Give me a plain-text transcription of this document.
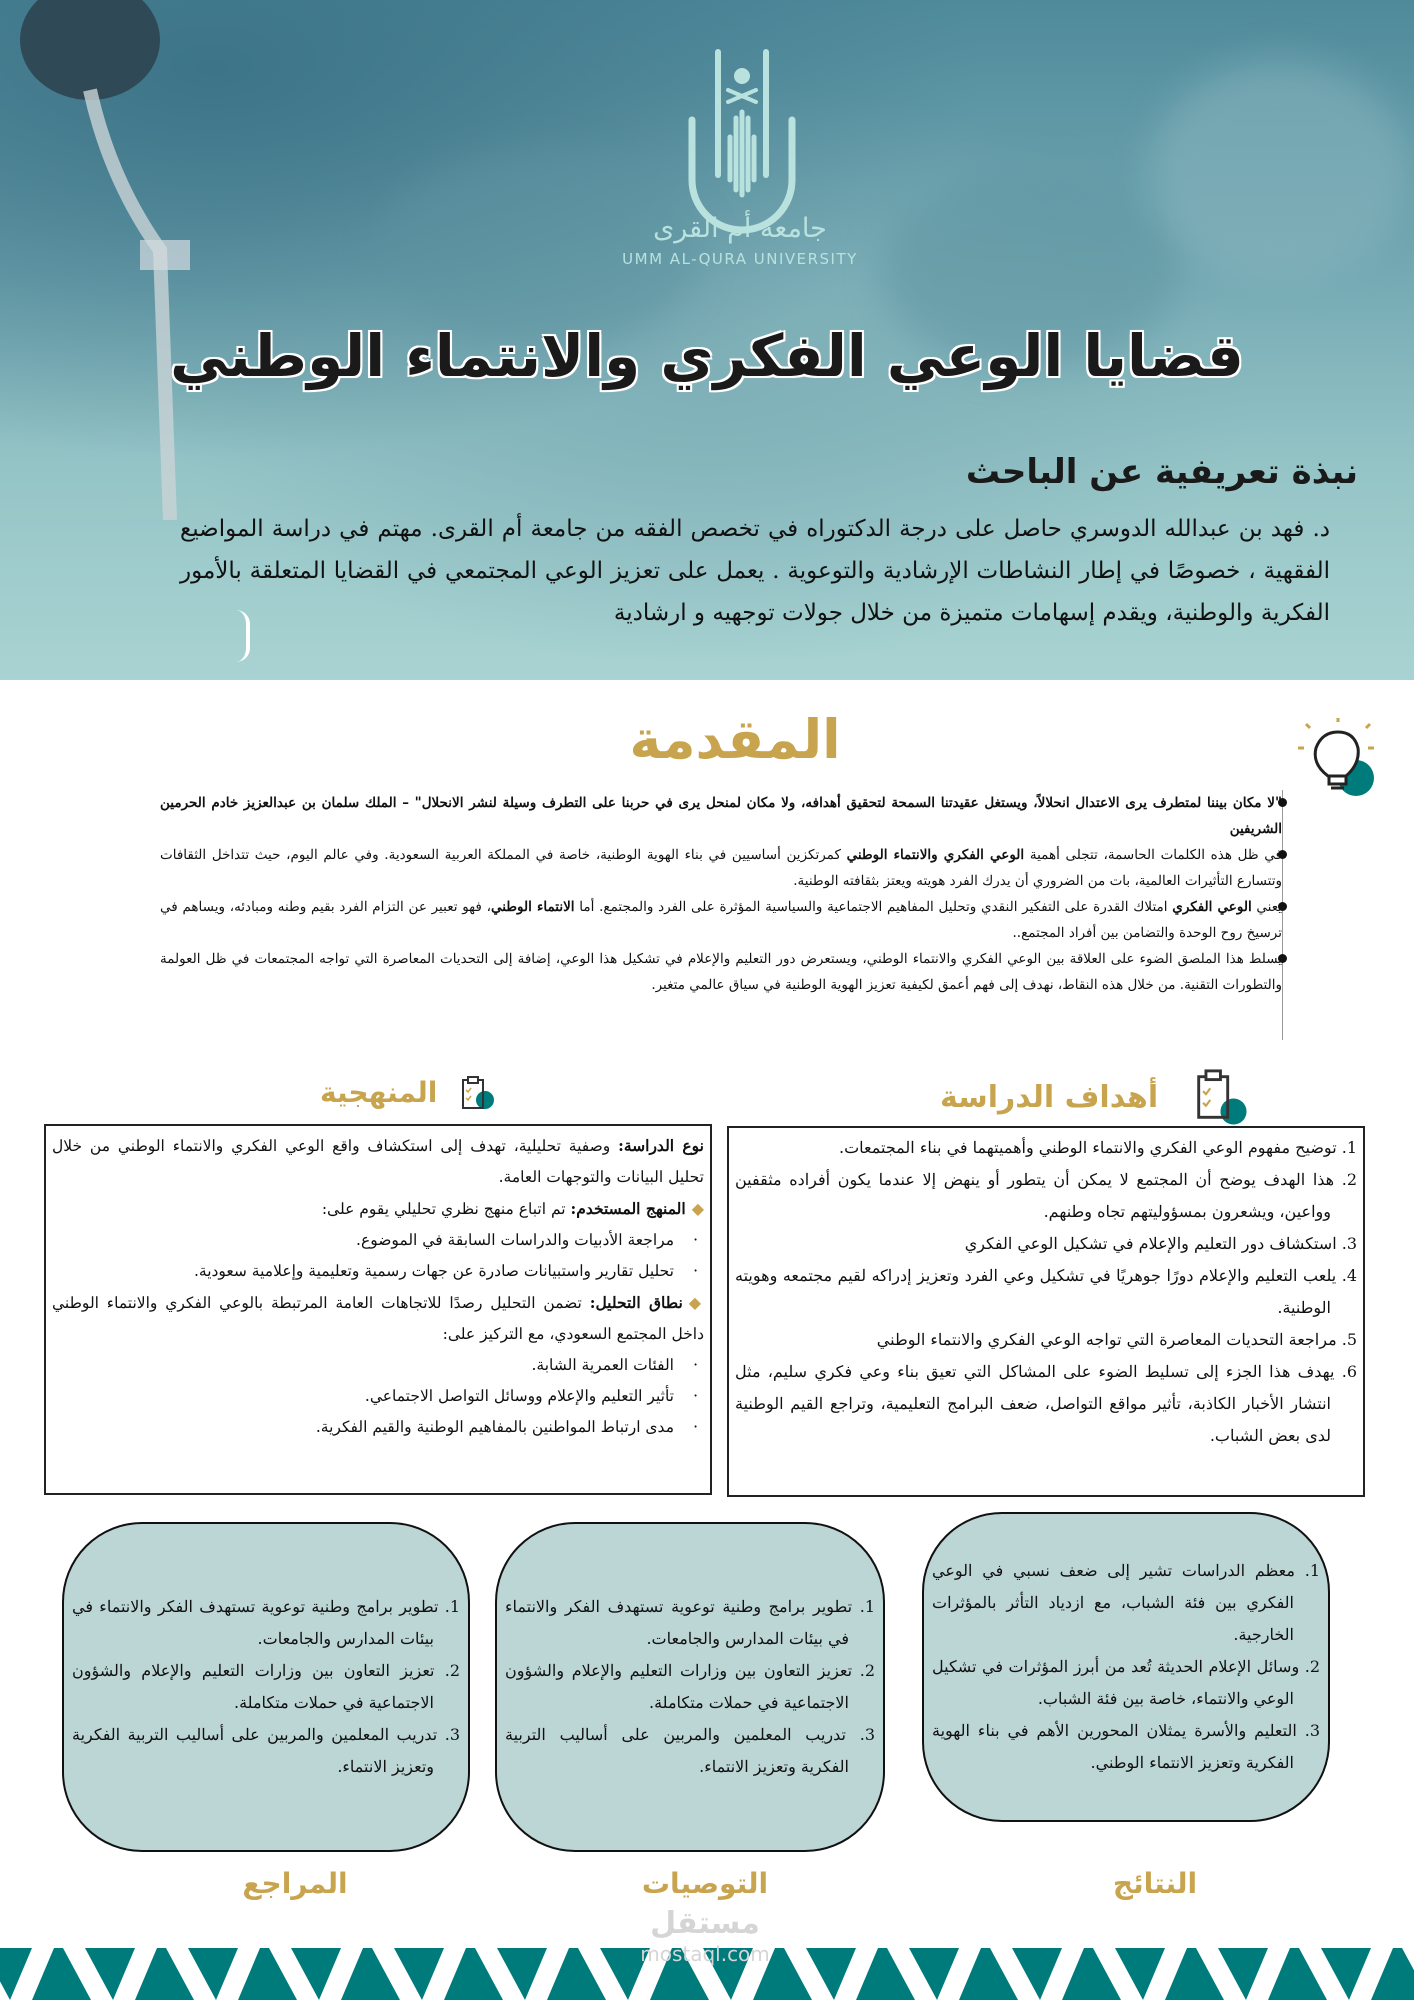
جامعة أم القرى
UMM AL-QURA UNIVERSITY
قضايا الوعي الفكري والانتماء الوطني
نبذة تعريفية عن الباحث
د. فهد بن عبدالله الدوسري حاصل على درجة الدكتوراه في تخصص الفقه من جامعة أم القرى. مهتم في دراسة المواضيع الفقهية ، خصوصًا في إطار النشاطات الإرشادية والتوعوية . يعمل على تعزيز الوعي المجتمعي في القضايا المتعلقة بالأمور الفكرية والوطنية، ويقدم إسهامات متميزة من خلال جولات توجهيه و ارشادية
المقدمة

"لا مكان بيننا لمتطرف يرى الاعتدال انحلالاً، ويستغل عقيدتنا السمحة لتحقيق أهدافه، ولا مكان لمنحل يرى في حربنا على التطرف وسيلة لنشر الانحلال" – الملك سلمان بن عبدالعزيز خادم الحرمين الشريفين

في ظل هذه الكلمات الحاسمة، تتجلى أهمية الوعي الفكري والانتماء الوطني كمرتكزين أساسيين في بناء الهوية الوطنية، خاصة في المملكة العربية السعودية. وفي عالم اليوم، حيث تتداخل الثقافات وتتسارع التأثيرات العالمية، بات من الضروري أن يدرك الفرد هويته ويعتز بثقافته الوطنية.

يعني الوعي الفكري امتلاك القدرة على التفكير النقدي وتحليل المفاهيم الاجتماعية والسياسية المؤثرة على الفرد والمجتمع. أما الانتماء الوطني، فهو تعبير عن التزام الفرد بقيم وطنه ومبادئه، ويساهم في ترسيخ روح الوحدة والتضامن بين أفراد المجتمع..

يسلط هذا الملصق الضوء على العلاقة بين الوعي الفكري والانتماء الوطني، ويستعرض دور التعليم والإعلام في تشكيل هذا الوعي، إضافة إلى التحديات المعاصرة التي تواجه المجتمعات في ظل العولمة والتطورات التقنية. من خلال هذه النقاط، نهدف إلى فهم أعمق لكيفية تعزيز الهوية الوطنية في سياق عالمي متغير.

المنهجية	أهداف الدراسة
1. توضيح مفهوم الوعي الفكري والانتماء الوطني وأهميتهما في بناء المجتمعات.
2. هذا الهدف يوضح أن المجتمع لا يمكن أن يتطور أو ينهض إلا عندما يكون أفراده مثقفين وواعين، ويشعرون بمسؤوليتهم تجاه وطنهم.
3. استكشاف دور التعليم والإعلام في تشكيل الوعي الفكري
4. يلعب التعليم والإعلام دورًا جوهريًا في تشكيل وعي الفرد وتعزيز إدراكه لقيم مجتمعه وهويته الوطنية.
5. مراجعة التحديات المعاصرة التي تواجه الوعي الفكري والانتماء الوطني
6. يهدف هذا الجزء إلى تسليط الضوء على المشاكل التي تعيق بناء وعي فكري سليم، مثل انتشار الأخبار الكاذبة، تأثير مواقع التواصل، ضعف البرامج التعليمية، وتراجع القيم الوطنية لدى بعض الشباب.
نوع الدراسة: وصفية تحليلية، تهدف إلى استكشاف واقع الوعي الفكري والانتماء الوطني من خلال تحليل البيانات والتوجهات العامة.
◆المنهج المستخدم: تم اتباع منهج نظري تحليلي يقوم على:
· مراجعة الأدبيات والدراسات السابقة في الموضوع.
· تحليل تقارير واستبيانات صادرة عن جهات رسمية وتعليمية وإعلامية سعودية.
◆نطاق التحليل: تضمن التحليل رصدًا للاتجاهات العامة المرتبطة بالوعي الفكري والانتماء الوطني داخل المجتمع السعودي، مع التركيز على:
· الفئات العمرية الشابة.
· تأثير التعليم والإعلام ووسائل التواصل الاجتماعي.
· مدى ارتباط المواطنين بالمفاهيم الوطنية والقيم الفكرية.
1. معظم الدراسات تشير إلى ضعف نسبي في الوعي الفكري بين فئة الشباب، مع ازدياد التأثر بالمؤثرات الخارجية.
2. وسائل الإعلام الحديثة تُعد من أبرز المؤثرات في تشكيل الوعي والانتماء، خاصة بين فئة الشباب.
3. التعليم والأسرة يمثلان المحورين الأهم في بناء الهوية الفكرية وتعزيز الانتماء الوطني.
1. تطوير برامج وطنية توعوية تستهدف الفكر والانتماء في بيئات المدارس والجامعات.
2. تعزيز التعاون بين وزارات التعليم والإعلام والشؤون الاجتماعية في حملات متكاملة.
3. تدريب المعلمين والمربين على أساليب التربية الفكرية وتعزيز الانتماء.
1. تطوير برامج وطنية توعوية تستهدف الفكر والانتماء في بيئات المدارس والجامعات.
2. تعزيز التعاون بين وزارات التعليم والإعلام والشؤون الاجتماعية في حملات متكاملة.
3. تدريب المعلمين والمربين على أساليب التربية الفكرية وتعزيز الانتماء.
النتائج
التوصيات
المراجع
مستقل
mostaql.com
